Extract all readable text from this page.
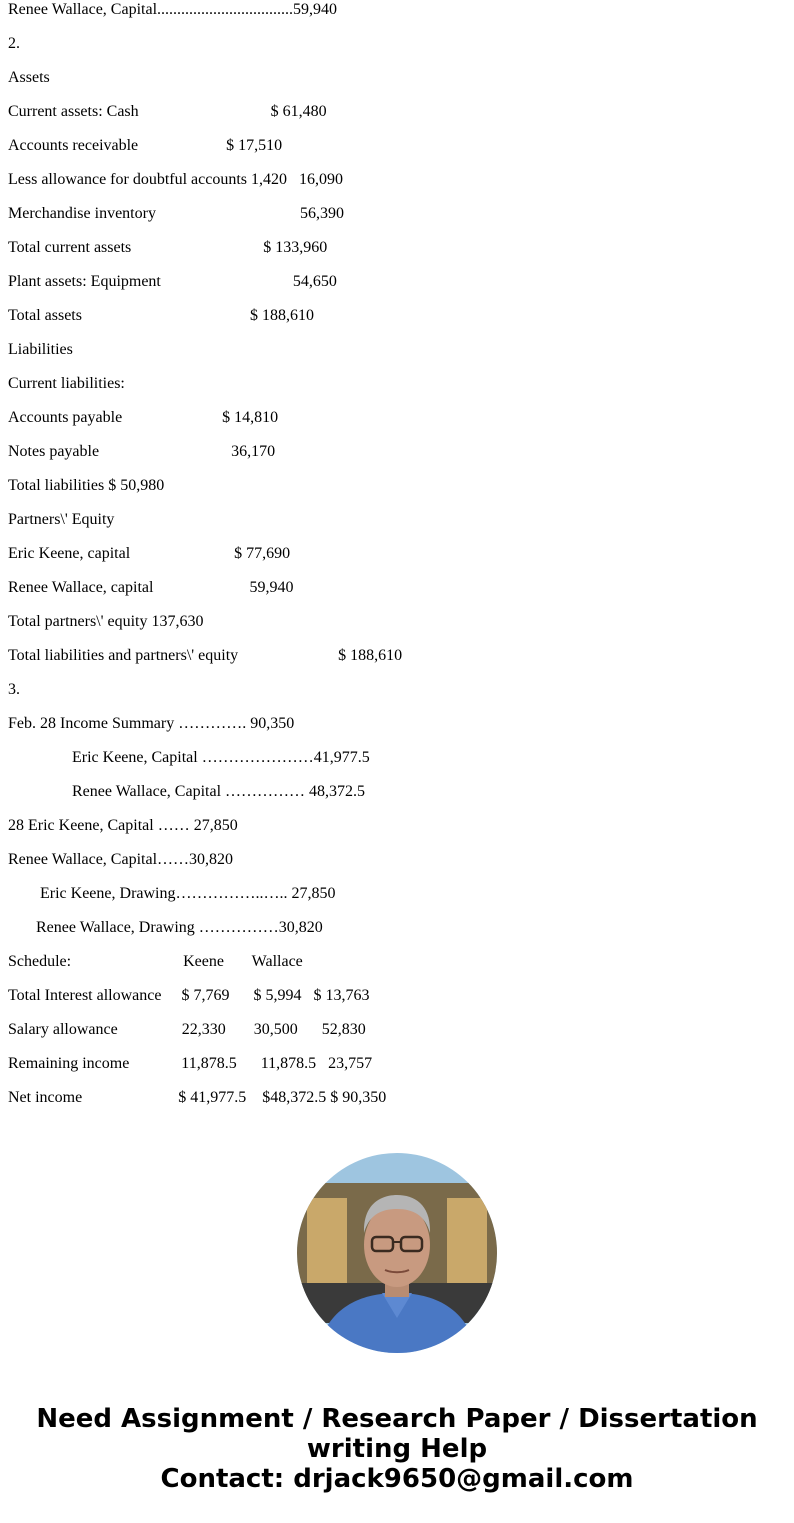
Renee Wallace, Capital..................................59,940
2.
Assets
Current assets: Cash                                 $ 61,480
Accounts receivable                      $ 17,510
Less allowance for doubtful accounts 1,420   16,090
Merchandise inventory                                    56,390
Total current assets                                 $ 133,960
Plant assets: Equipment                                 54,650
Total assets                                          $ 188,610
Liabilities
Current liabilities:
Accounts payable                         $ 14,810
Notes payable                                 36,170
Total liabilities $ 50,980
Partners\' Equity
Eric Keene, capital                          $ 77,690
Renee Wallace, capital                        59,940
Total partners\' equity 137,630
Total liabilities and partners\' equity                         $ 188,610
3.
Feb. 28 Income Summary …………. 90,350
Eric Keene, Capital …………………41,977.5
Renee Wallace, Capital …………… 48,372.5
28 Eric Keene, Capital …… 27,850
Renee Wallace, Capital……30,820
Eric Keene, Drawing……………..….. 27,850
Renee Wallace, Drawing ……………30,820
Schedule:                            Keene       Wallace
Total Interest allowance     $ 7,769      $ 5,994   $ 13,763
Salary allowance                22,330       30,500      52,830
Remaining income             11,878.5      11,878.5   23,757
Net income                        $ 41,977.5    $48,372.5 $ 90,350
Need Assignment / Research Paper / Dissertation
writing Help
Contact: drjack9650@gmail.com
